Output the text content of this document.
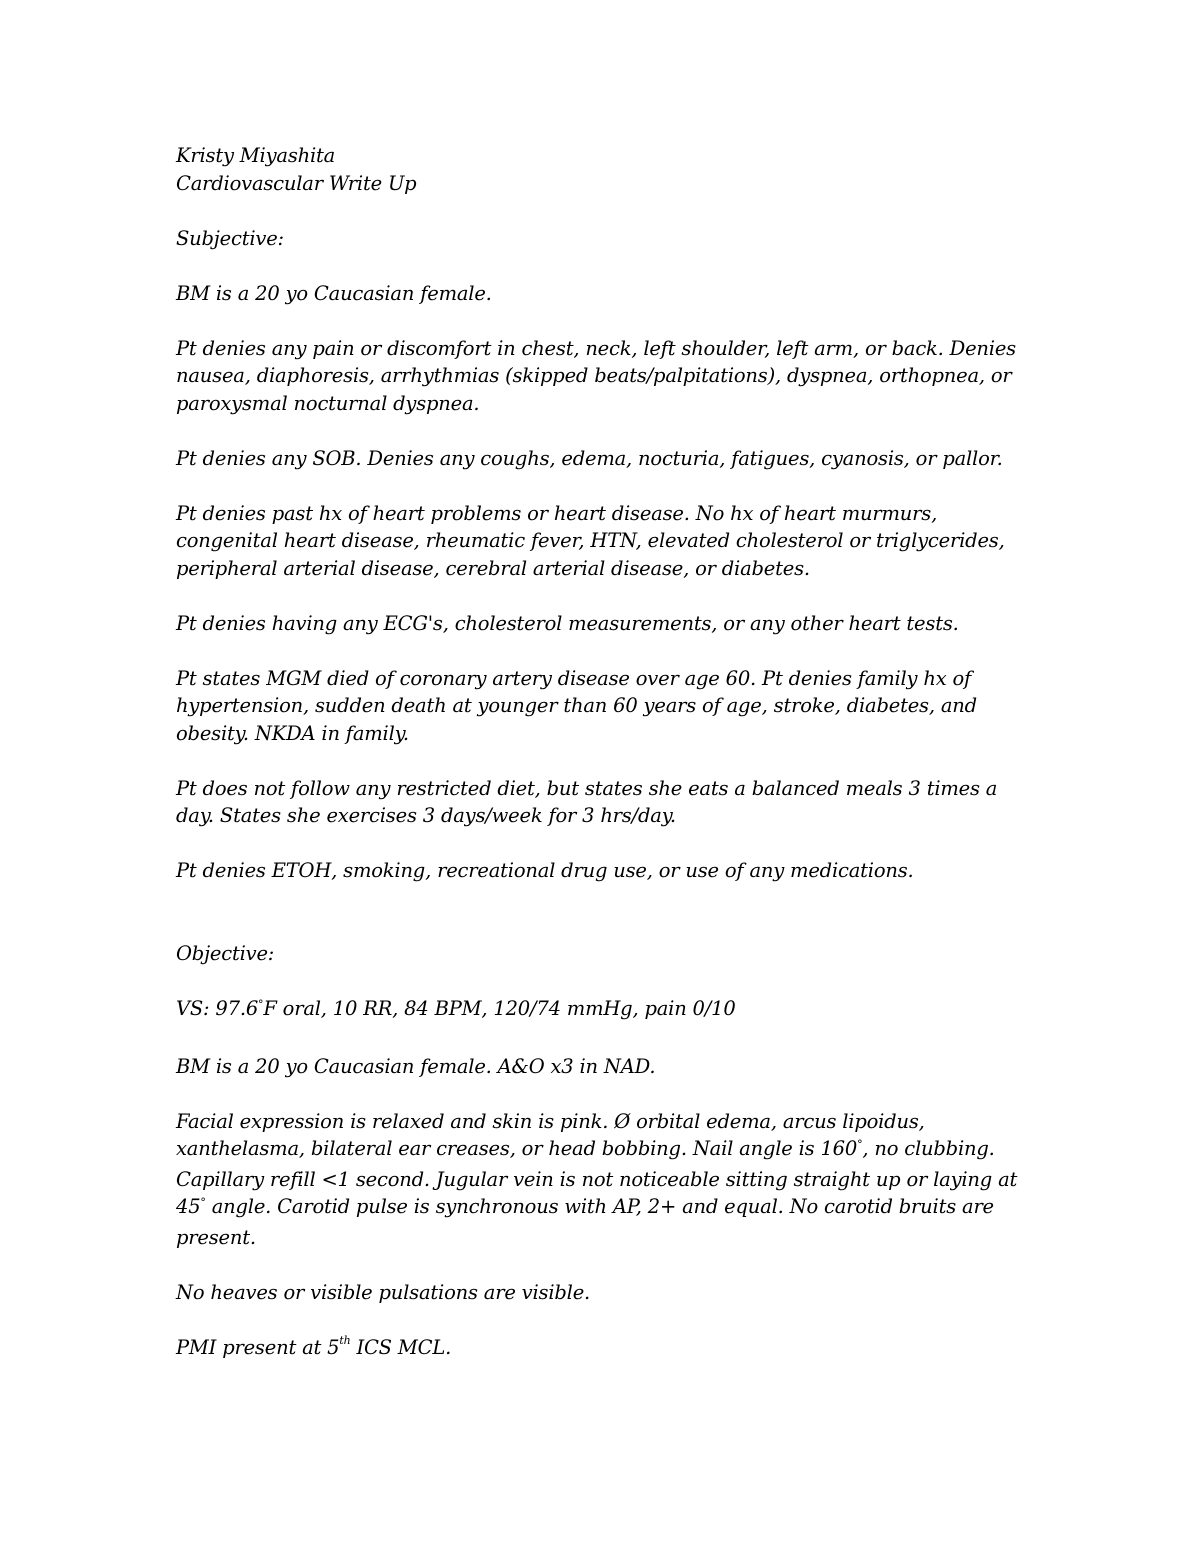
Kristy Miyashita

Cardiovascular Write Up

Subjective:

BM is a 20 yo Caucasian female.

Pt denies any pain or discomfort in chest, neck, left shoulder, left arm, or back. Denies nausea, diaphoresis, arrhythmias (skipped beats/palpitations), dyspnea, orthopnea, or paroxysmal nocturnal dyspnea.

Pt denies any SOB. Denies any coughs, edema, nocturia, fatigues, cyanosis, or pallor.

Pt denies past hx of heart problems or heart disease. No hx of heart murmurs, congenital heart disease, rheumatic fever, HTN, elevated cholesterol or triglycerides, peripheral arterial disease, cerebral arterial disease, or diabetes.

Pt denies having any ECG's, cholesterol measurements, or any other heart tests.

Pt states MGM died of coronary artery disease over age 60. Pt denies family hx of hypertension, sudden death at younger than 60 years of age, stroke, diabetes, and obesity. NKDA in family.

Pt does not follow any restricted diet, but states she eats a balanced meals 3 times a day. States she exercises 3 days/week for 3 hrs/day.

Pt denies ETOH, smoking, recreational drug use, or use of any medications.

Objective:

VS: 97.6°F oral, 10 RR, 84 BPM, 120/74 mmHg, pain 0/10

BM is a 20 yo Caucasian female. A&O x3 in NAD.

Facial expression is relaxed and skin is pink. Ø orbital edema, arcus lipoidus, xanthelasma, bilateral ear creases, or head bobbing. Nail angle is 160°, no clubbing. Capillary refill <1 second. Jugular vein is not noticeable sitting straight up or laying at 45° angle. Carotid pulse is synchronous with AP, 2+ and equal. No carotid bruits are present.

No heaves or visible pulsations are visible.

PMI present at 5th ICS MCL.
